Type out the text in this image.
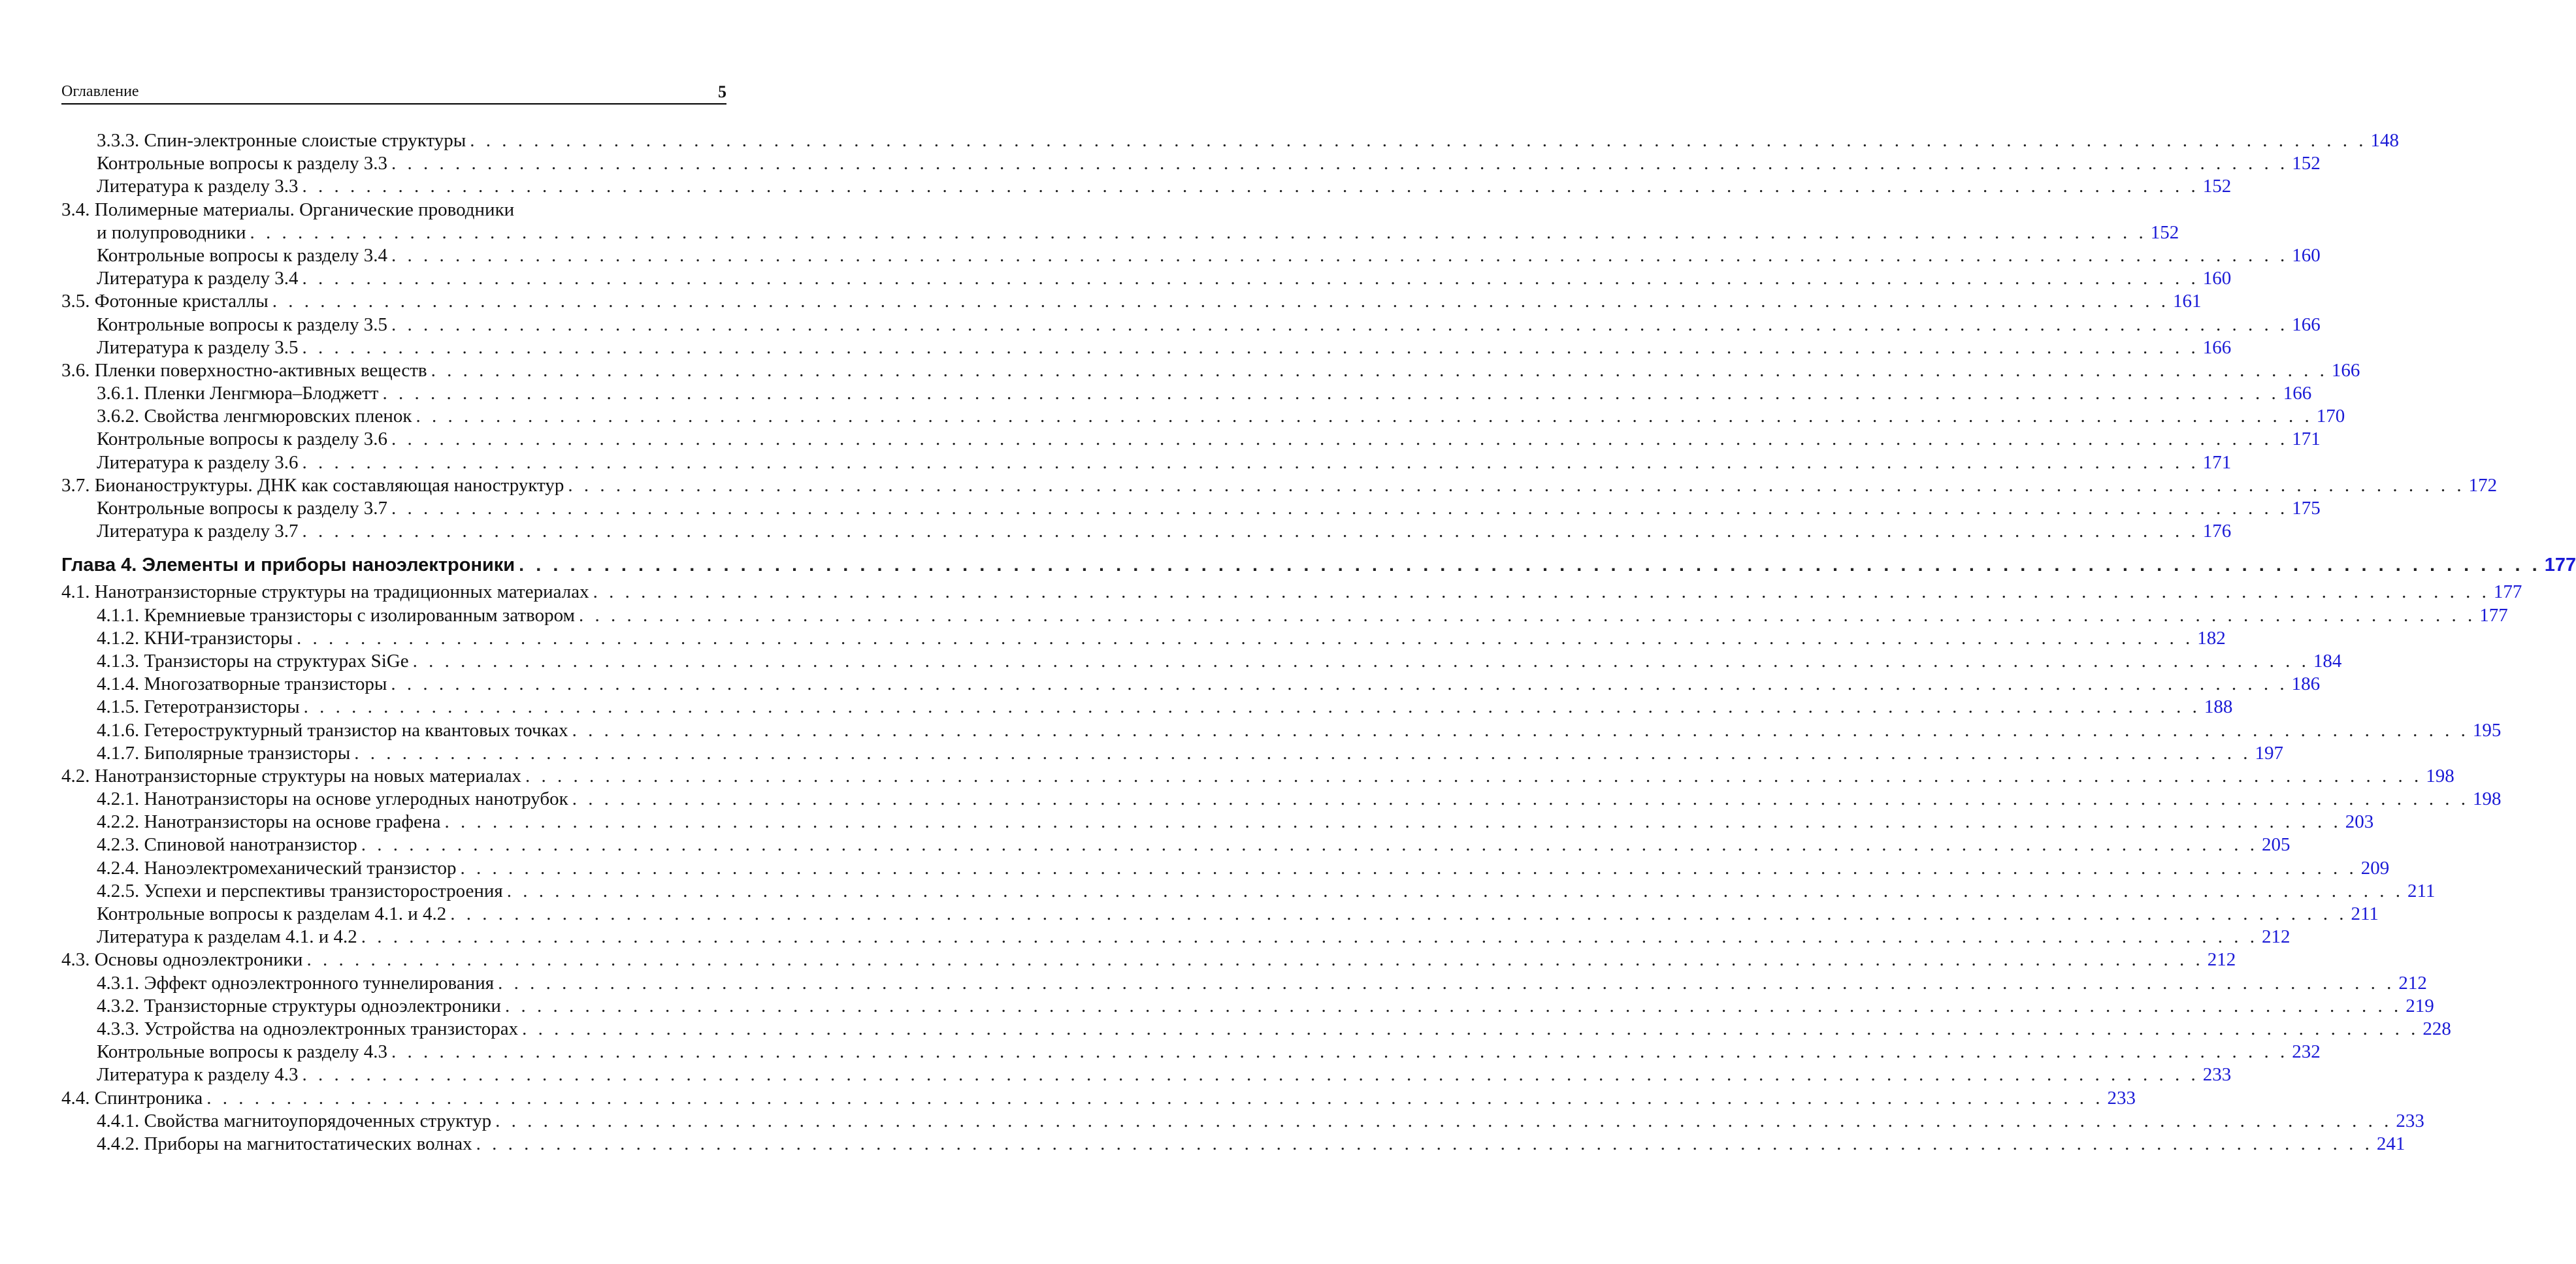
Оглавление	5
3.3.3. Спин-электронные слоистые структуры . . .	148
Контрольные вопросы к разделу 3.3 . . .	152
Литература к разделу 3.3 . . .	152
3.4. Полимерные материалы. Органические проводники
и полупроводники . . .	152
Контрольные вопросы к разделу 3.4 . . .	160
Литература к разделу 3.4 . . .	160
3.5. Фотонные кристаллы . . .	161
Контрольные вопросы к разделу 3.5 . . .	166
Литература к разделу 3.5 . . .	166
3.6. Пленки поверхностно-активных веществ . . .	166
3.6.1. Пленки Ленгмюра–Блоджетт . . .	166
3.6.2. Свойства ленгмюровских пленок . . .	170
Контрольные вопросы к разделу 3.6 . . .	171
Литература к разделу 3.6 . . .	171
3.7. Бионаноструктуры. ДНК как составляющая наноструктур . . .	172
Контрольные вопросы к разделу 3.7 . . .	175
Литература к разделу 3.7 . . .	176
Глава 4. Элементы и приборы наноэлектроники . . .	177
4.1. Нанотранзисторные структуры на традиционных материалах . . .	177
4.1.1. Кремниевые транзисторы с изолированным затвором . . .	177
4.1.2. КНИ-транзисторы . . .	182
4.1.3. Транзисторы на структурах SiGe . . .	184
4.1.4. Многозатворные транзисторы . . .	186
4.1.5. Гетеротранзисторы . . .	188
4.1.6. Гетероструктурный транзистор на квантовых точках . . .	195
4.1.7. Биполярные транзисторы . . .	197
4.2. Нанотранзисторные структуры на новых материалах . . .	198
4.2.1. Нанотранзисторы на основе углеродных нанотрубок . . .	198
4.2.2. Нанотранзисторы на основе графена . . .	203
4.2.3. Спиновой нанотранзистор . . .	205
4.2.4. Наноэлектромеханический транзистор . . .	209
4.2.5. Успехи и перспективы транзисторостроения . . .	211
Контрольные вопросы к разделам 4.1. и 4.2 . . .	211
Литература к разделам 4.1. и 4.2 . . .	212
4.3. Основы одноэлектроники . . .	212
4.3.1. Эффект одноэлектронного туннелирования . . .	212
4.3.2. Транзисторные структуры одноэлектроники . . .	219
4.3.3. Устройства на одноэлектронных транзисторах . . .	228
Контрольные вопросы к разделу 4.3 . . .	232
Литература к разделу 4.3 . . .	233
4.4. Спинтроника . . .	233
4.4.1. Свойства магнитоупорядоченных структур . . .	233
4.4.2. Приборы на магнитостатических волнах . . .	241
